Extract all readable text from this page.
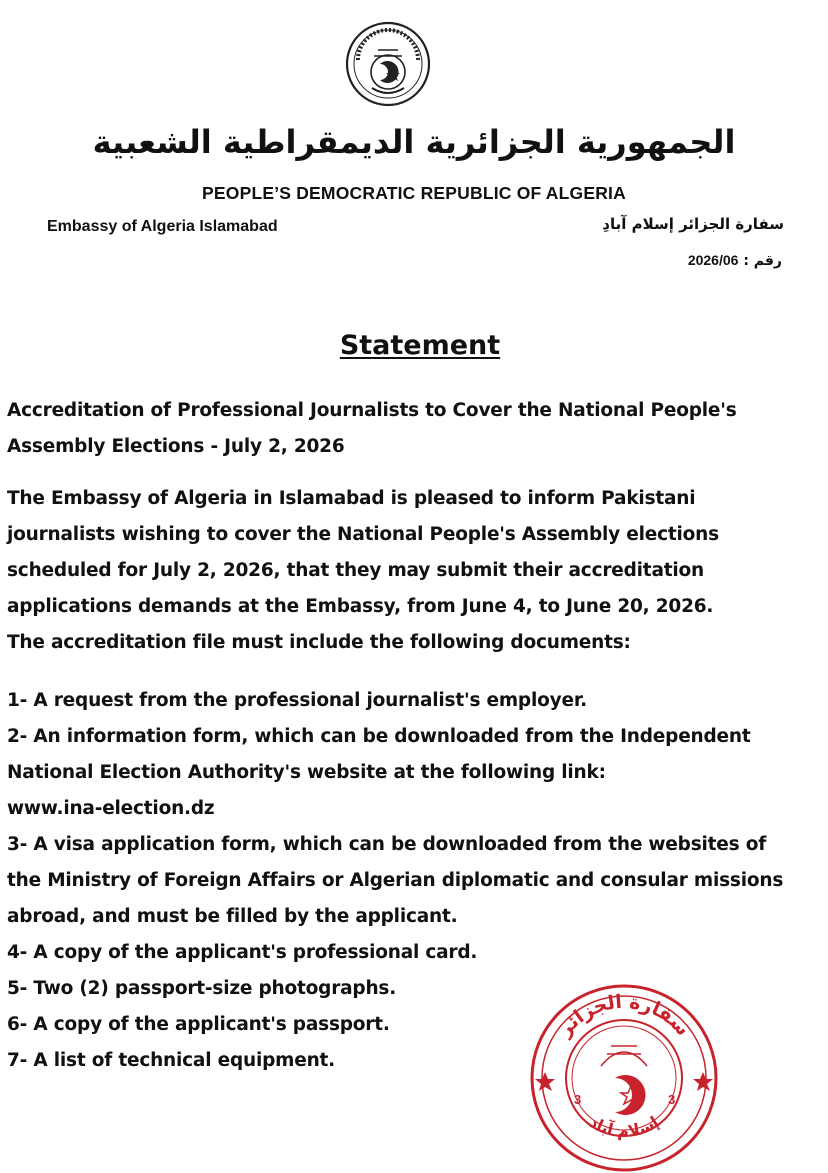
الجمهورية الجزائرية الديمقراطية الشعبية
PEOPLE’S DEMOCRATIC REPUBLIC OF ALGERIA
Embassy of Algeria Islamabad	سفارة الجزائر إسلام آبادِ
رقم : 2026/06
Statement

Accreditation of Professional Journalists to Cover the National People's

Assembly Elections - July 2, 2026

The Embassy of Algeria in Islamabad is pleased to inform Pakistani

journalists wishing to cover the National People's Assembly elections

scheduled for July 2, 2026, that they may submit their accreditation

applications demands at the Embassy, from June 4, to June 20, 2026.

The accreditation file must include the following documents:

1- A request from the professional journalist's employer.

2- An information form, which can be downloaded from the Independent

National Election Authority's website at the following link:

www.ina-election.dz

3- A visa application form, which can be downloaded from the websites of

the Ministry of Foreign Affairs or Algerian diplomatic and consular missions

abroad, and must be filled by the applicant.

4- A copy of the applicant's professional card.

5- Two (2) passport-size photographs.

6- A copy of the applicant's passport.

7- A list of technical equipment.

سفارة الجزائر
إسلام آباد
3	3
